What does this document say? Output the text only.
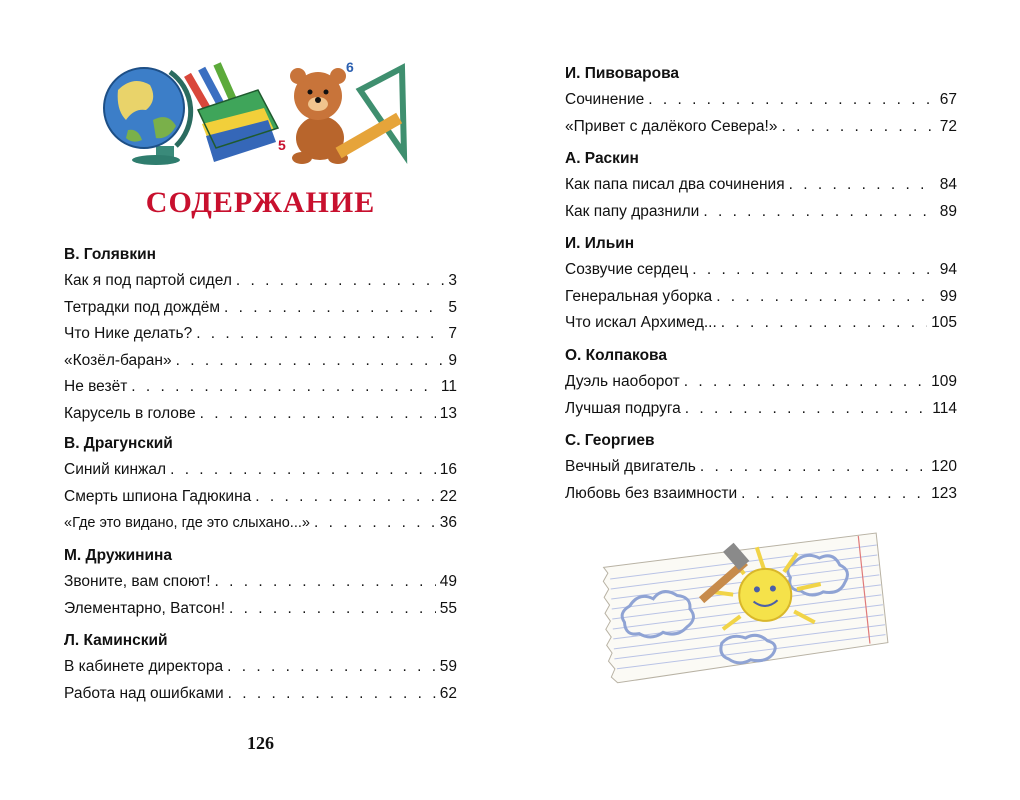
6
5
СОДЕРЖАНИЕ
В. Голявкин
Как я под партой сидел . . .	3
Тетрадки под дождём . . .	5
Что Нике делать? . . .	7
«Козёл-баран» . . .	9
Не везёт . . .	11
Карусель в голове . . .	13
В. Драгунский
Синий кинжал . . .	16
Смерть шпиона Гадюкина . . .	22
«Где это видано, где это слыхано...» . . .	36
М. Дружинина
Звоните, вам споют! . . .	49
Элементарно, Ватсон! . . .	55
Л. Каминский
В кабинете директора . . .	59
Работа над ошибками . . .	62
И. Пивоварова
Сочинение . . .	67
«Привет с далёкого Севера!» . . .	72
А. Раскин
Как папа писал два сочинения . . .	84
Как папу дразнили . . .	89
И. Ильин
Созвучие сердец . . .	94
Генеральная уборка . . .	99
Что искал Архимед... . . .	105
О. Колпакова
Дуэль наоборот . . .	109
Лучшая подруга . . .	114
С. Георгиев
Вечный двигатель . . .	120
Любовь без взаимности . . .	123
126
